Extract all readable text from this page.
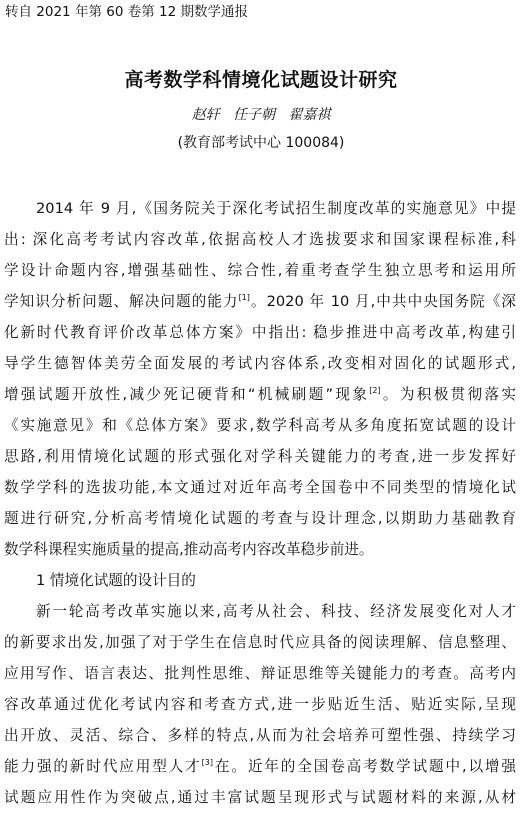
转自 2021 年第 60 卷第 12 期数学通报
高考数学科情境化试题设计研究
赵轩   任子朝   翟嘉祺
(教育部考试中心 100084)
2014 年 9 月,《国务院关于深化考试招生制度改革的实施意见》中提
出: 深化高考考试内容改革,依据高校人才选拔要求和国家课程标准,科
学设计命题内容,增强基础性、综合性,着重考查学生独立思考和运用所
学知识分析问题、解决问题的能力[1]。2020 年 10 月,中共中央国务院《深
化新时代教育评价改革总体方案》中指出: 稳步推进中高考改革,构建引
导学生德智体美劳全面发展的考试内容体系,改变相对固化的试题形式,
增强试题开放性,减少死记硬背和“机械刷题”现象[2]。为积极贯彻落实
《实施意见》和《总体方案》要求,数学科高考从多角度拓宽试题的设计
思路,利用情境化试题的形式强化对学科关键能力的考查,进一步发挥好
数学学科的选拔功能,本文通过对近年高考全国卷中不同类型的情境化试
题进行研究,分析高考情境化试题的考查与设计理念,以期助力基础教育
数学科课程实施质量的提高,推动高考内容改革稳步前进。
1 情境化试题的设计目的
新一轮高考改革实施以来,高考从社会、科技、经济发展变化对人才
的新要求出发,加强了对于学生在信息时代应具备的阅读理解、信息整理、
应用写作、语言表达、批判性思维、辩证思维等关键能力的考查。高考内
容改革通过优化考试内容和考查方式,进一步贴近生活、贴近实际,呈现
出开放、灵活、综合、多样的特点,从而为社会培养可塑性强、持续学习
能力强的新时代应用型人才[3]在。近年的全国卷高考数学试题中,以增强
试题应用性作为突破点,通过丰富试题呈现形式与试题材料的来源,从材
